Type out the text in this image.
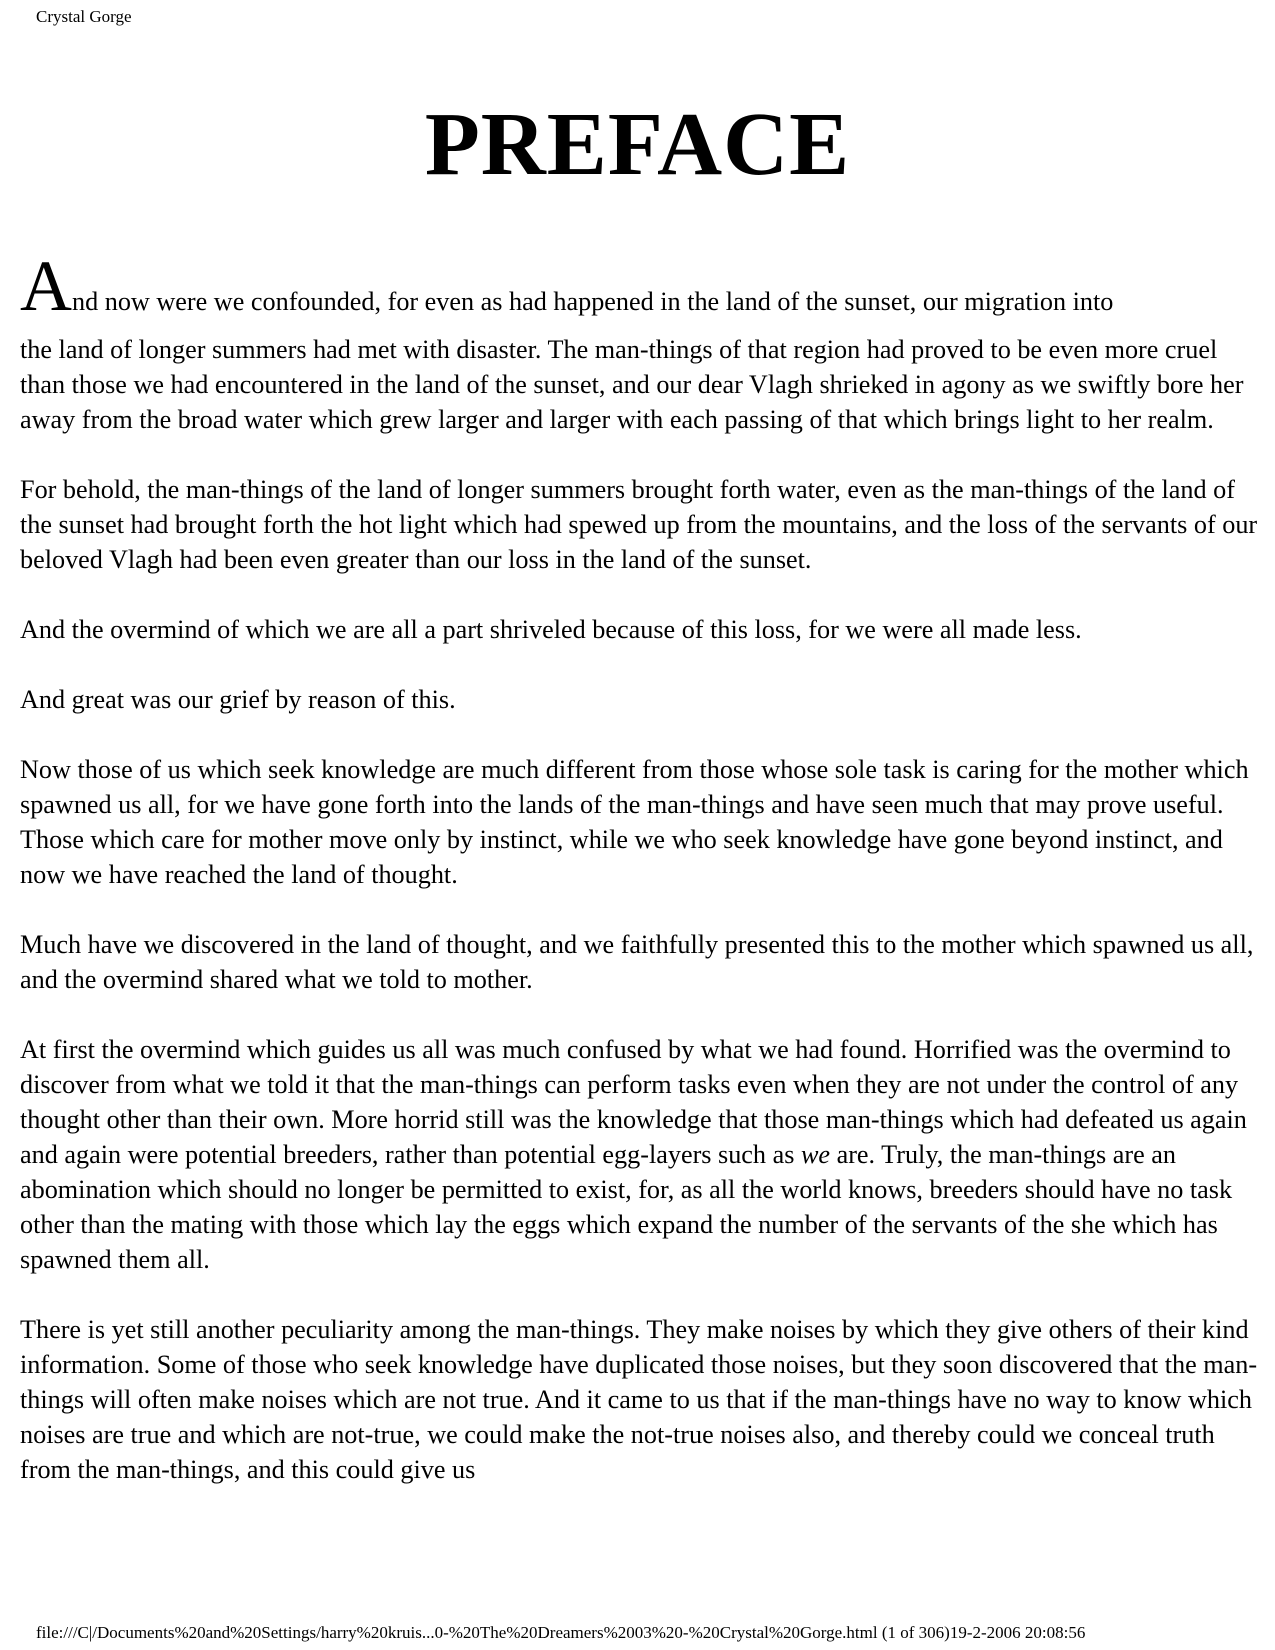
Crystal Gorge
PREFACE

And now were we confounded, for even as had happened in the land of the sunset, our migration into
the land of longer summers had met with disaster. The man-things of that region had proved to be even more cruel than those we had encountered in the land of the sunset, and our dear Vlagh shrieked in agony as we swiftly bore her away from the broad water which grew larger and larger with each passing of that which brings light to her realm.

For behold, the man-things of the land of longer summers brought forth water, even as the man-things of the land of the sunset had brought forth the hot light which had spewed up from the mountains, and the loss of the servants of our beloved Vlagh had been even greater than our loss in the land of the sunset.

And the overmind of which we are all a part shriveled because of this loss, for we were all made less.

And great was our grief by reason of this.

Now those of us which seek knowledge are much different from those whose sole task is caring for the mother which spawned us all, for we have gone forth into the lands of the man-things and have seen much that may prove useful. Those which care for mother move only by instinct, while we who seek knowledge have gone beyond instinct, and now we have reached the land of thought.

Much have we discovered in the land of thought, and we faithfully presented this to the mother which spawned us all, and the overmind shared what we told to mother.

At first the overmind which guides us all was much confused by what we had found. Horrified was the overmind to discover from what we told it that the man-things can perform tasks even when they are not under the control of any thought other than their own. More horrid still was the knowledge that those man-things which had defeated us again and again were potential breeders, rather than potential egg-layers such as we are. Truly, the man-things are an abomination which should no longer be permitted to exist, for, as all the world knows, breeders should have no task other than the mating with those which lay the eggs which expand the number of the servants of the she which has spawned them all.

There is yet still another peculiarity among the man-things. They make noises by which they give others of their kind information. Some of those who seek knowledge have duplicated those noises, but they soon discovered that the man-things will often make noises which are not true. And it came to us that if the man-things have no way to know which noises are true and which are not-true, we could make the not-true noises also, and thereby could we conceal truth from the man-things, and this could give us

file:///C|/Documents%20and%20Settings/harry%20kruis...0-%20The%20Dreamers%2003%20-%20Crystal%20Gorge.html (1 of 306)19-2-2006 20:08:56
